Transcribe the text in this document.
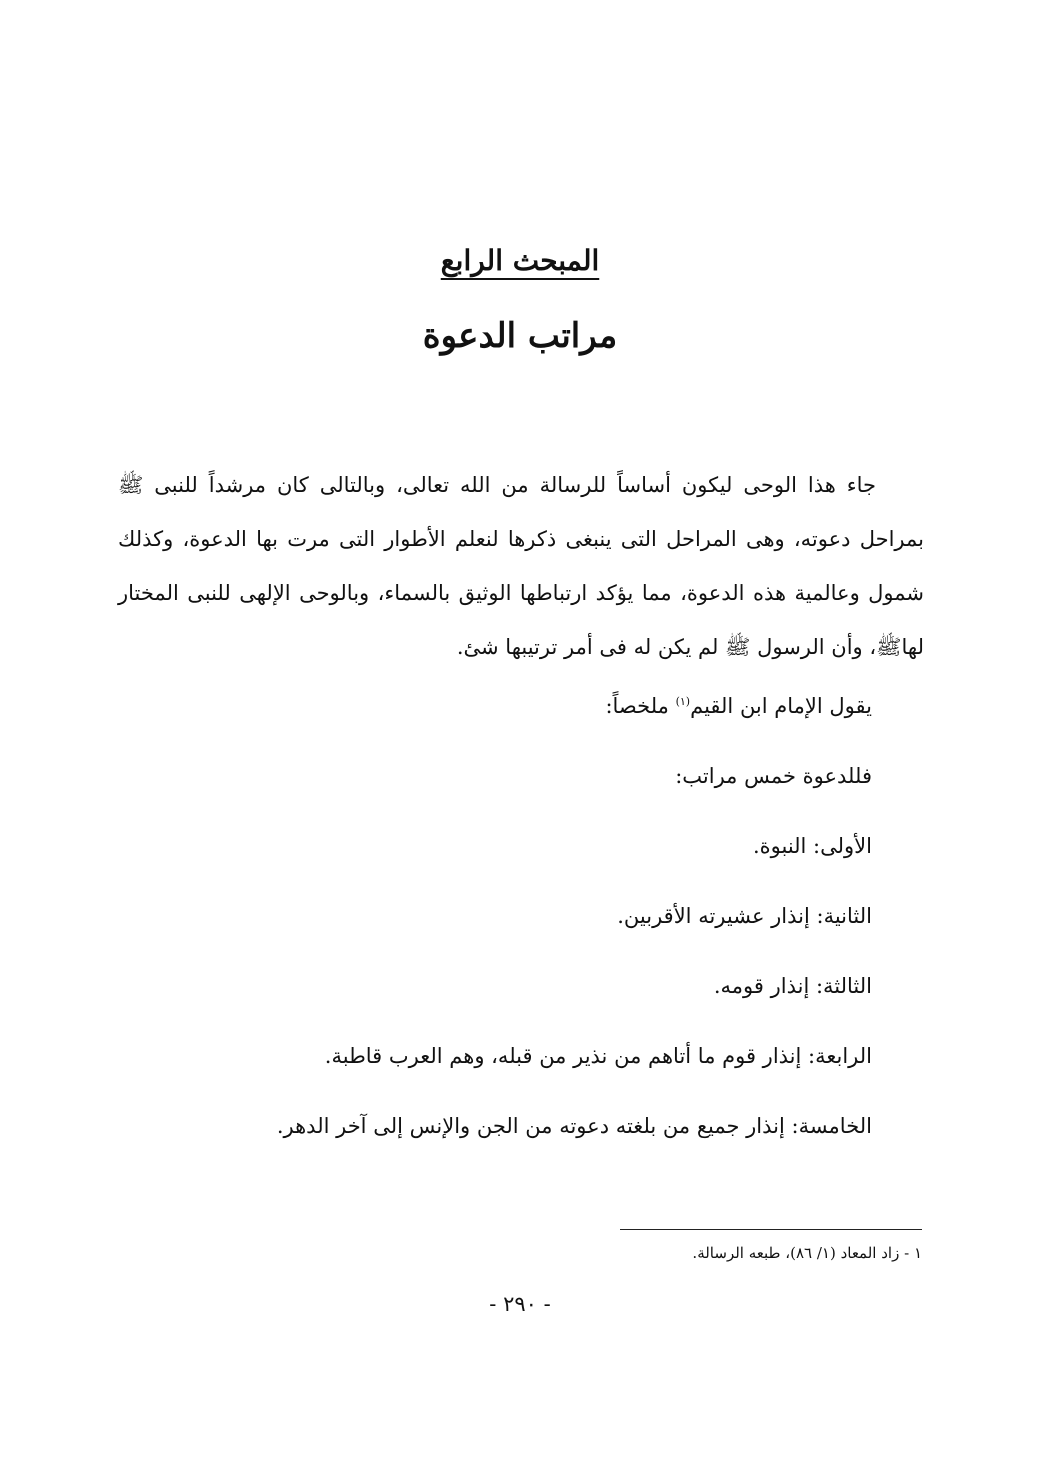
المبحث الرابع
مراتب الدعوة

جاء هذا الوحى ليكون أساساً للرسالة من الله تعالى، وبالتالى كان مرشداً للنبى ﷺ بمراحل دعوته، وهى المراحل التى ينبغى ذكرها لنعلم الأطوار التى مرت بها الدعوة، وكذلك شمول وعالمية هذه الدعوة، مما يؤكد ارتباطها الوثيق بالسماء، وبالوحى الإلهى للنبى المختار لهاﷺ، وأن الرسول ﷺ لم يكن له فى أمر ترتيبها شئ.

يقول الإمام ابن القيم$^{(١)}$ ملخصاً:

فللدعوة خمس مراتب:

الأولى: النبوة.

الثانية: إنذار عشيرته الأقربين.

الثالثة: إنذار قومه.

الرابعة: إنذار قوم ما أتاهم من نذير من قبله، وهم العرب قاطبة.

الخامسة: إنذار جميع من بلغته دعوته من الجن والإنس إلى آخر الدهر.

١ - زاد المعاد (١/ ٨٦)، طبعه الرسالة.
- ٢٩٠ -
